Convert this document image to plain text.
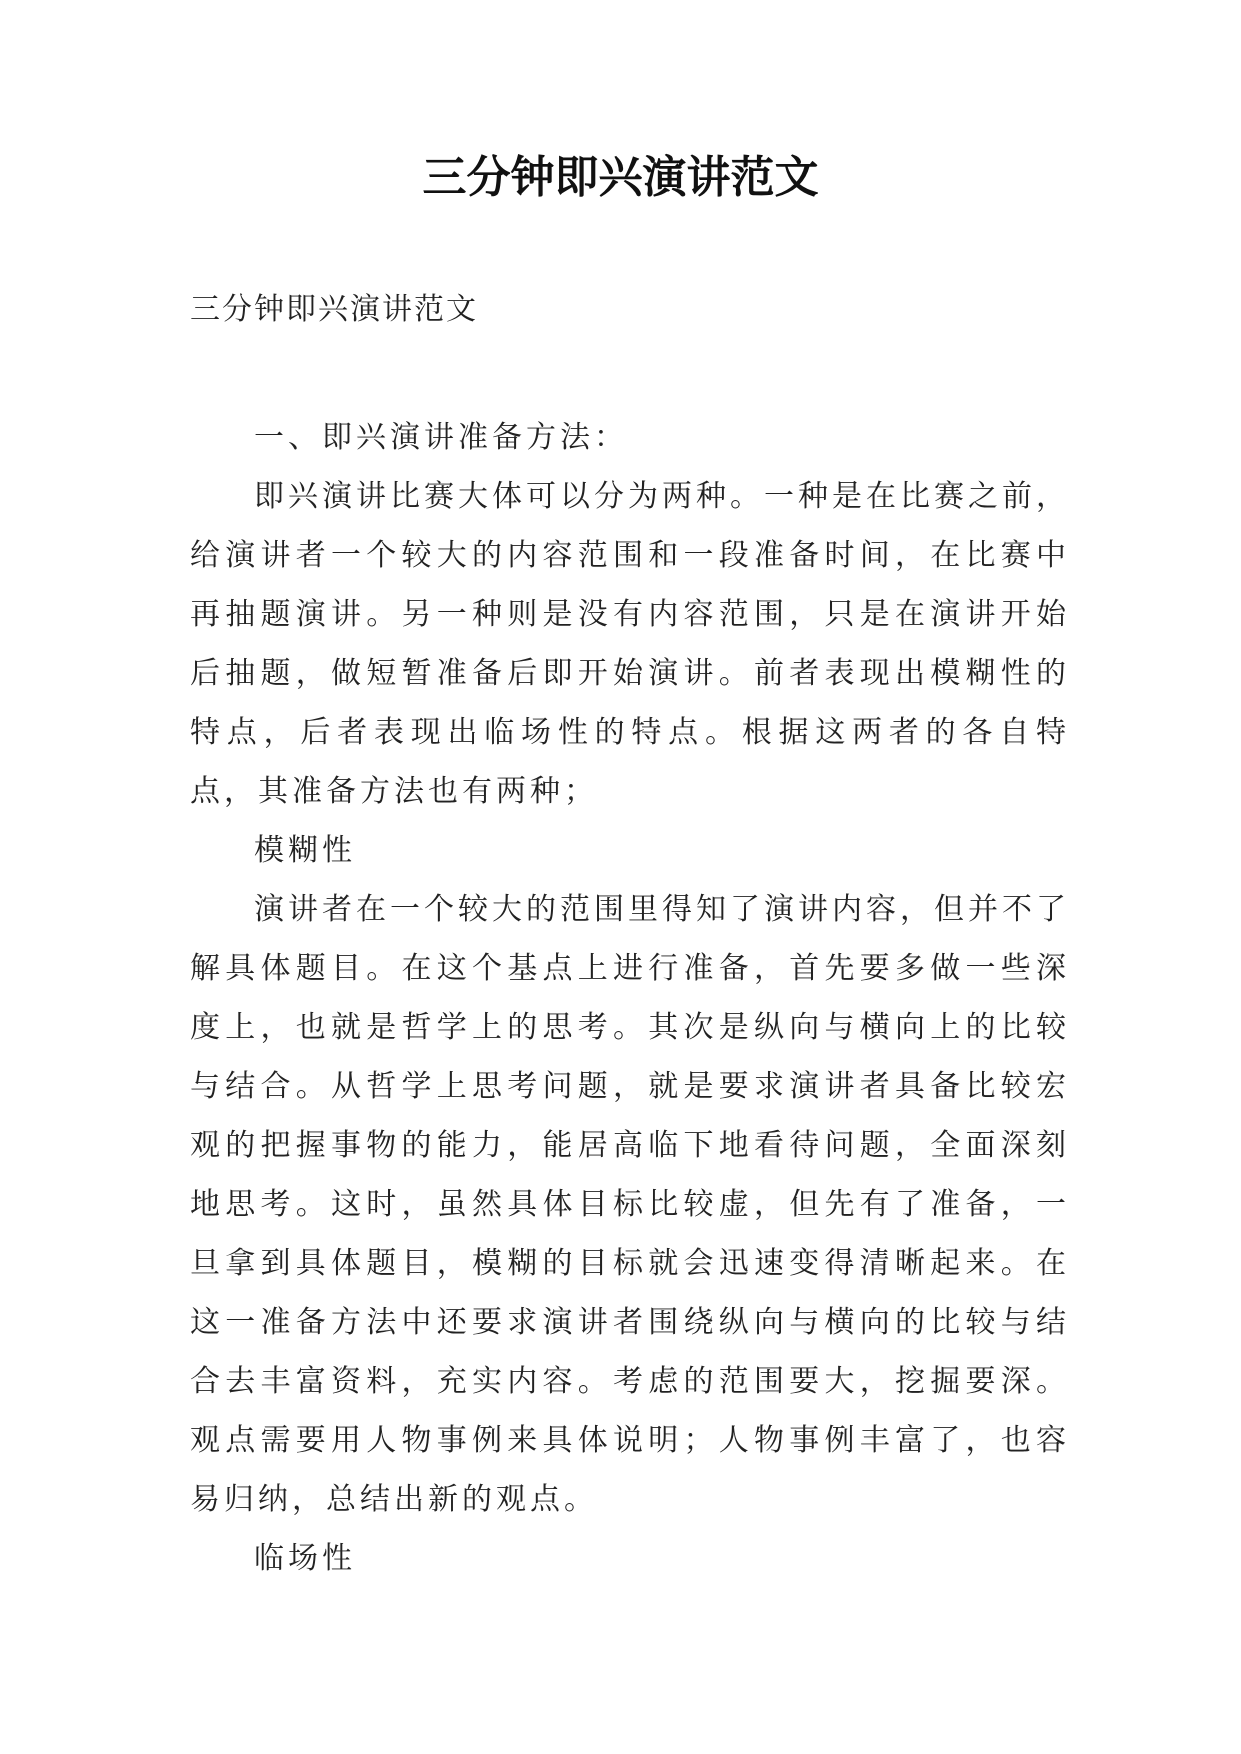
三分钟即兴演讲范文
三分钟即兴演讲范文

一、即兴演讲准备方法：

即兴演讲比赛大体可以分为两种。一种是在比赛之前，给演讲者一个较大的内容范围和一段准备时间，在比赛中再抽题演讲。另一种则是没有内容范围，只是在演讲开始后抽题，做短暂准备后即开始演讲。前者表现出模糊性的特点，后者表现出临场性的特点。根据这两者的各自特点，其准备方法也有两种；

模糊性

演讲者在一个较大的范围里得知了演讲内容，但并不了解具体题目。在这个基点上进行准备，首先要多做一些深度上，也就是哲学上的思考。其次是纵向与横向上的比较与结合。从哲学上思考问题，就是要求演讲者具备比较宏观的把握事物的能力，能居高临下地看待问题，全面深刻地思考。这时，虽然具体目标比较虚，但先有了准备，一旦拿到具体题目，模糊的目标就会迅速变得清晰起来。在这一准备方法中还要求演讲者围绕纵向与横向的比较与结合去丰富资料，充实内容。考虑的范围要大，挖掘要深。观点需要用人物事例来具体说明；人物事例丰富了，也容易归纳，总结出新的观点。

临场性
